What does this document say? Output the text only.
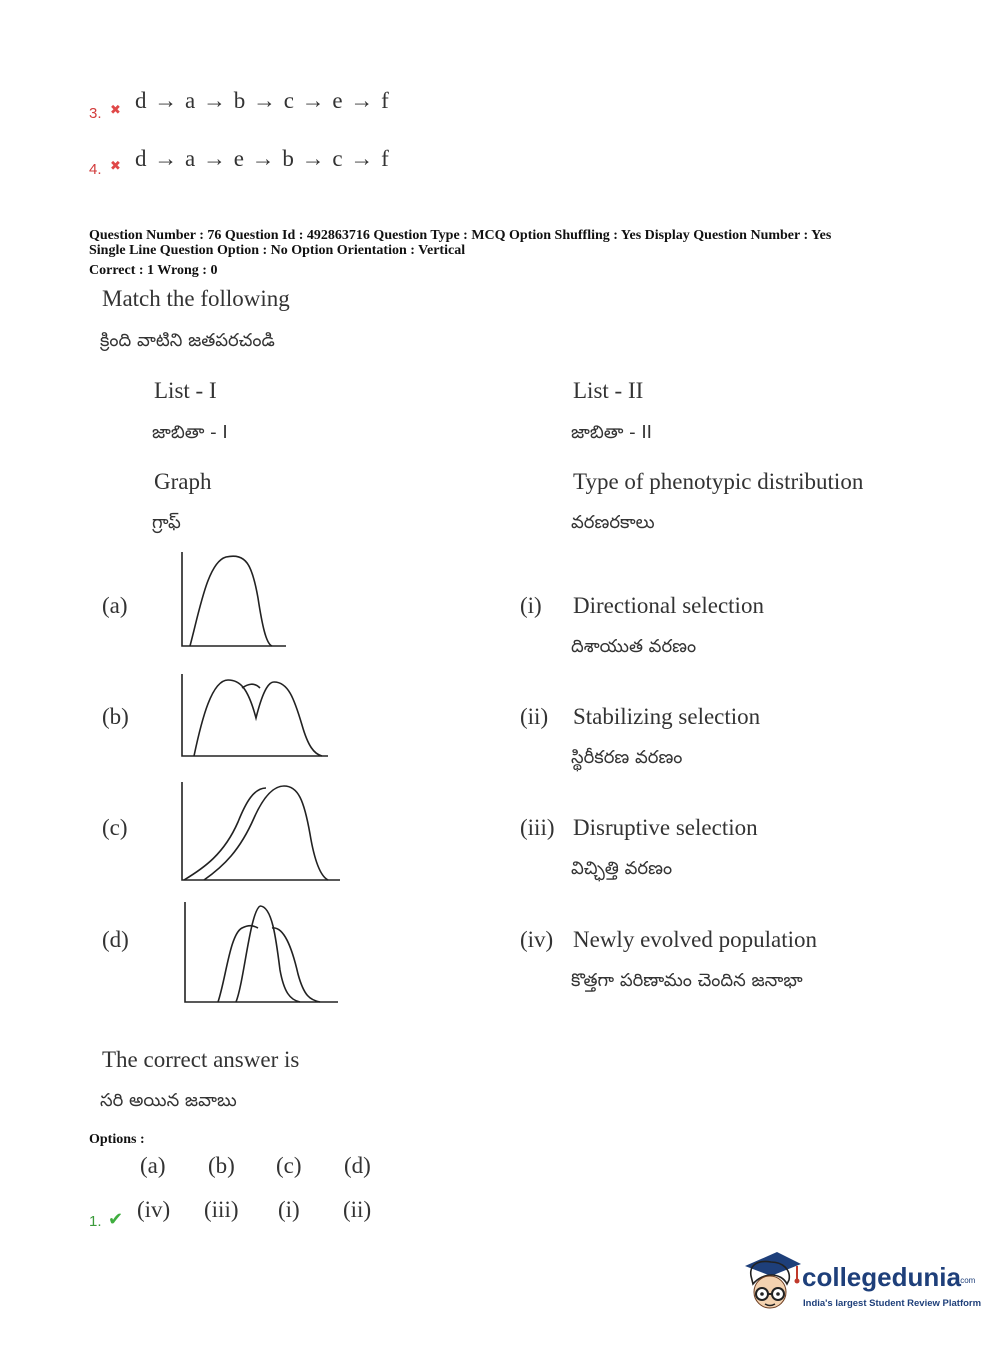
3. ✖ d → a → b → c → e → f
4. ✖ d → a → e → b → c → f
Question Number : 76 Question Id : 492863716 Question Type : MCQ Option Shuffling : Yes Display Question Number : Yes
Single Line Question Option : No Option Orientation : Vertical
Correct : 1 Wrong : 0
Match the following
క్రింది వాటిని జతపరచండి
List - I
జాబితా - I
List - II
జాబితా - II
Graph
గ్రాఫ్
Type of phenotypic distribution
వరణరకాలు
(a)
(b)
(c)
(d)
(i) Directional selection
దిశాయుత వరణం
(ii) Stabilizing selection
స్థిరీకరణ వరణం
(iii) Disruptive selection
విచ్ఛిత్తి వరణం
(iv) Newly evolved population
కొత్తగా పరిణామం చెందిన జనాభా
The correct answer is
సరి అయిన జవాబు
Options :
(a) (b) (c) (d)
1. ✔ (iv) (iii) (i) (ii)
collegedunia
.com
India's largest Student Review Platform
